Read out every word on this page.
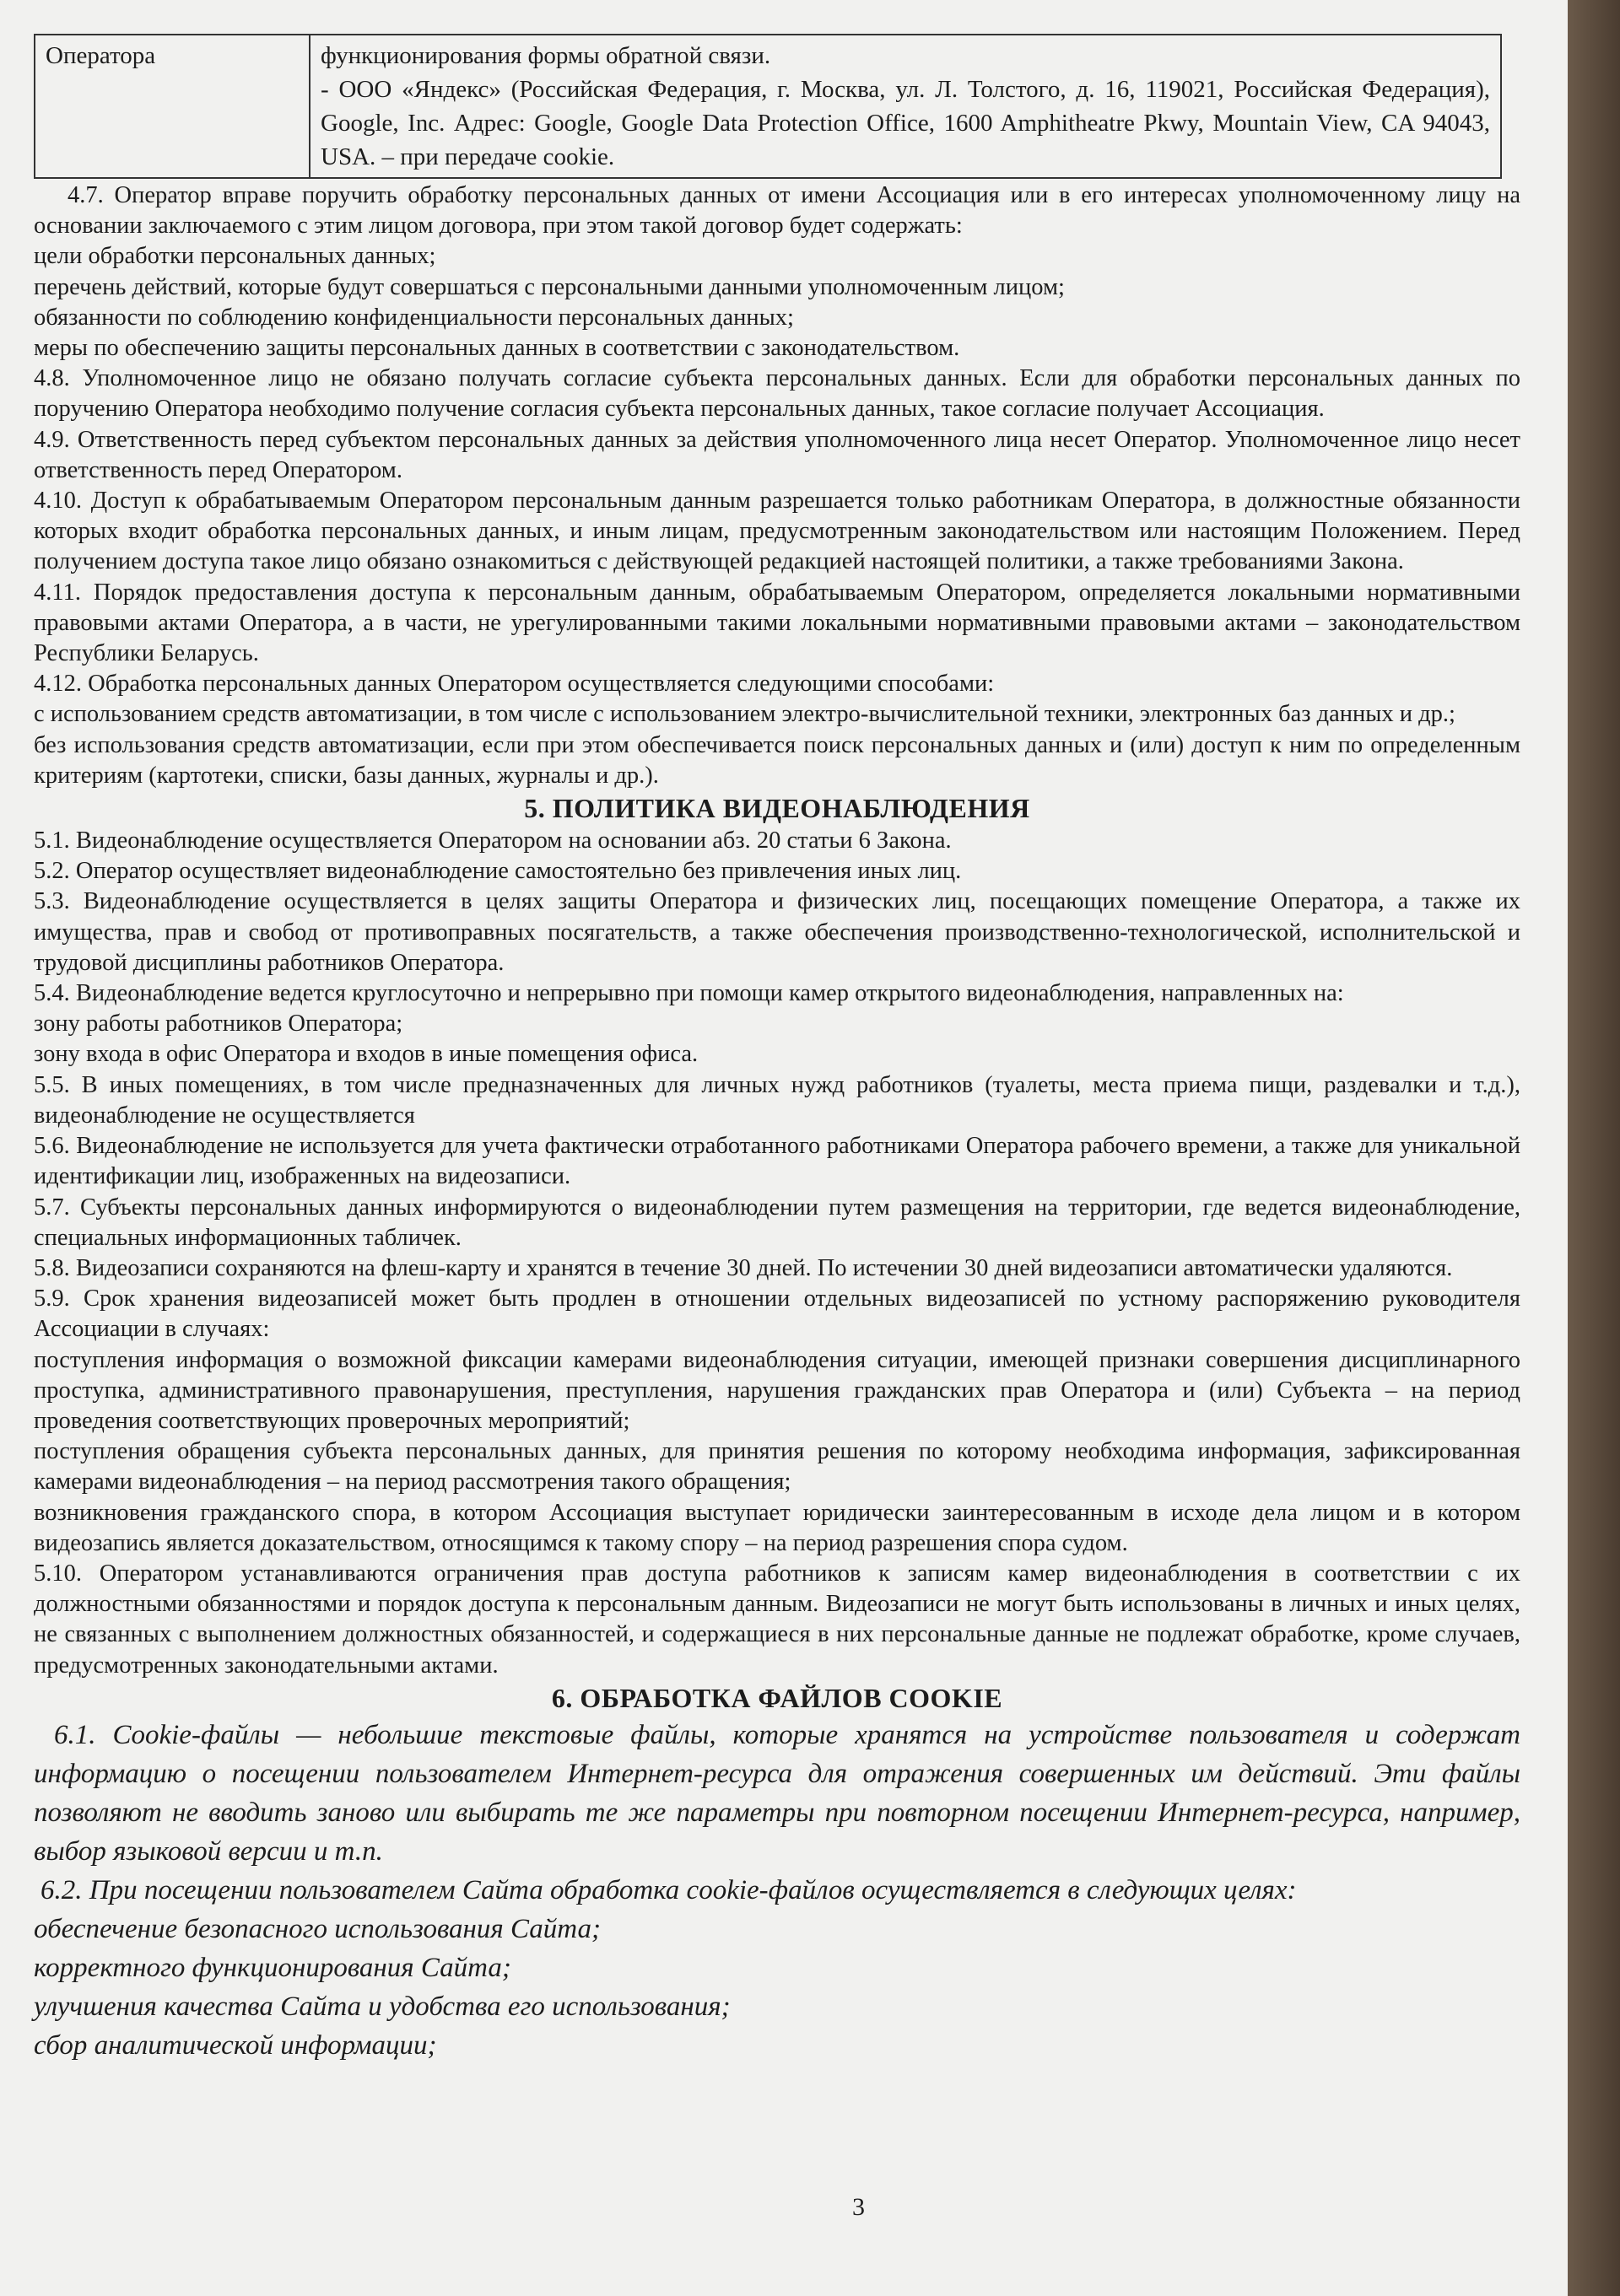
Оператора	функционирования формы обратной связи.
- ООО «Яндекс» (Российская Федерация, г. Москва, ул. Л. Толстого, д. 16, 119021, Российская Федерация), Google, Inc. Адрес: Google, Google Data Protection Office, 1600 Amphitheatre Pkwy, Mountain View, CA 94043, USA. – при передаче cookie.

4.7. Оператор вправе поручить обработку персональных данных от имени Ассоциация или в его интересах уполномоченному лицу на основании заключаемого с этим лицом договора, при этом такой договор будет содержать:

цели обработки персональных данных;

перечень действий, которые будут совершаться с персональными данными уполномоченным лицом;

обязанности по соблюдению конфиденциальности персональных данных;

меры по обеспечению защиты персональных данных в соответствии с законодательством.

4.8. Уполномоченное лицо не обязано получать согласие субъекта персональных данных. Если для обработки персональных данных по поручению Оператора необходимо получение согласия субъекта персональных данных, такое согласие получает Ассоциация.

4.9. Ответственность перед субъектом персональных данных за действия уполномоченного лица несет Оператор. Уполномоченное лицо несет ответственность перед Оператором.

4.10. Доступ к обрабатываемым Оператором персональным данным разрешается только работникам Оператора, в должностные обязанности которых входит обработка персональных данных, и иным лицам, предусмотренным законодательством или настоящим Положением. Перед получением доступа такое лицо обязано ознакомиться с действующей редакцией настоящей политики, а также требованиями Закона.

4.11. Порядок предоставления доступа к персональным данным, обрабатываемым Оператором, определяется локальными нормативными правовыми актами Оператора, а в части, не урегулированными такими локальными нормативными правовыми актами – законодательством Республики Беларусь.

4.12. Обработка персональных данных Оператором осуществляется следующими способами:

с использованием средств автоматизации, в том числе с использованием электро-вычислительной техники, электронных баз данных и др.;

без использования средств автоматизации, если при этом обеспечивается поиск персональных данных и (или) доступ к ним по определенным критериям (картотеки, списки, базы данных, журналы и др.).

5. ПОЛИТИКА ВИДЕОНАБЛЮДЕНИЯ

5.1. Видеонаблюдение осуществляется Оператором на основании абз. 20 статьи 6 Закона.

5.2. Оператор осуществляет видеонаблюдение самостоятельно без привлечения иных лиц.

5.3. Видеонаблюдение осуществляется в целях защиты Оператора и физических лиц, посещающих помещение Оператора, а также их имущества, прав и свобод от противоправных посягательств, а также обеспечения производственно-технологической, исполнительской и трудовой дисциплины работников Оператора.

5.4. Видеонаблюдение ведется круглосуточно и непрерывно при помощи камер открытого видеонаблюдения, направленных на:

зону работы работников Оператора;

зону входа в офис Оператора и входов в иные помещения офиса.

5.5. В иных помещениях, в том числе предназначенных для личных нужд работников (туалеты, места приема пищи, раздевалки и т.д.), видеонаблюдение не осуществляется

5.6. Видеонаблюдение не используется для учета фактически отработанного работниками Оператора рабочего времени, а также для уникальной идентификации лиц, изображенных на видеозаписи.

5.7. Субъекты персональных данных информируются о видеонаблюдении путем размещения на территории, где ведется видеонаблюдение, специальных информационных табличек.

5.8. Видеозаписи сохраняются на флеш-карту и хранятся в течение 30 дней. По истечении 30 дней видеозаписи автоматически удаляются.

5.9. Срок хранения видеозаписей может быть продлен в отношении отдельных видеозаписей по устному распоряжению руководителя Ассоциации в случаях:

поступления информация о возможной фиксации камерами видеонаблюдения ситуации, имеющей признаки совершения дисциплинарного проступка, административного правонарушения, преступления, нарушения гражданских прав Оператора и (или) Субъекта – на период проведения соответствующих проверочных мероприятий;

поступления обращения субъекта персональных данных, для принятия решения по которому необходима информация, зафиксированная камерами видеонаблюдения – на период рассмотрения такого обращения;

возникновения гражданского спора, в котором Ассоциация выступает юридически заинтересованным в исходе дела лицом и в котором видеозапись является доказательством, относящимся к такому спору – на период разрешения спора судом.

5.10. Оператором устанавливаются ограничения прав доступа работников к записям камер видеонаблюдения в соответствии с их должностными обязанностями и порядок доступа к персональным данным. Видеозаписи не могут быть использованы в личных и иных целях, не связанных с выполнением должностных обязанностей, и содержащиеся в них персональные данные не подлежат обработке, кроме случаев, предусмотренных законодательными актами.

6. ОБРАБОТКА ФАЙЛОВ COOKIE

6.1. Cookie-файлы — небольшие текстовые файлы, которые хранятся на устройстве пользователя и содержат информацию о посещении пользователем Интернет-ресурса для отражения совершенных им действий. Эти файлы позволяют не вводить заново или выбирать те же параметры при повторном посещении Интернет-ресурса, например, выбор языковой версии и т.п.

6.2. При посещении пользователем Сайта обработка cookie-файлов осуществляется в следующих целях:

обеспечение безопасного использования Сайта;

корректного функционирования Сайта;

улучшения качества Сайта и удобства его использования;

сбор аналитической информации;

3
